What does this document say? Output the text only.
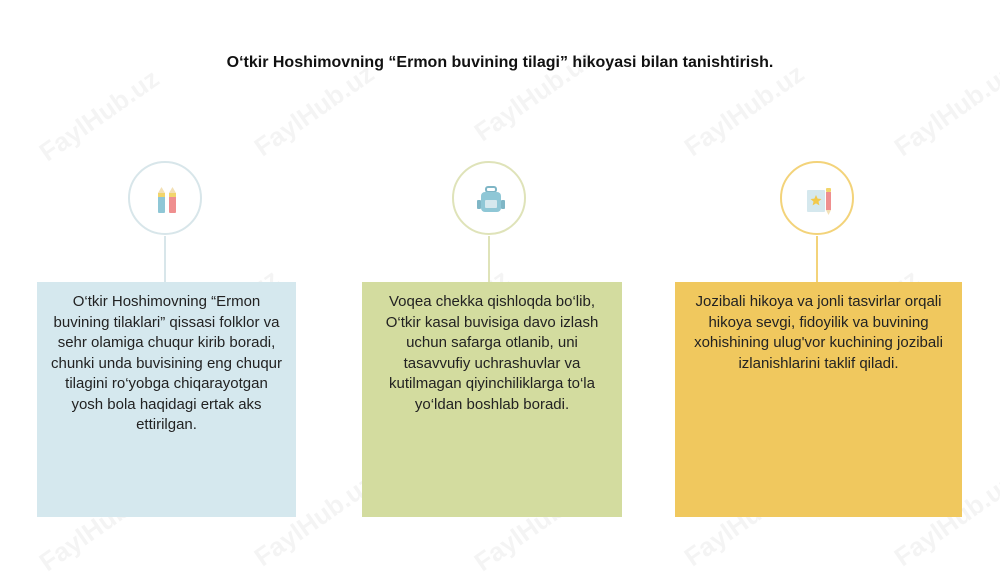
O‘tkir Hoshimovning “Ermon buvining tilagi” hikoyasi bilan tanishtirish.
O‘tkir Hoshimovning “Ermon buvining tilaklari” qissasi folklor va sehr olamiga chuqur kirib boradi, chunki unda buvisining eng chuqur tilagini ro‘yobga chiqarayotgan yosh bola haqidagi ertak aks ettirilgan.
Voqea chekka qishloqda bo‘lib, O‘tkir kasal buvisiga davo izlash uchun safarga otlanib, uni tasavvufiy uchrashuvlar va kutilmagan qiyinchiliklarga to‘la yo‘ldan boshlab boradi.
Jozibali hikoya va jonli tasvirlar orqali hikoya sevgi, fidoyilik va buvining xohishining ulug'vor kuchining jozibali izlanishlarini taklif qiladi.
